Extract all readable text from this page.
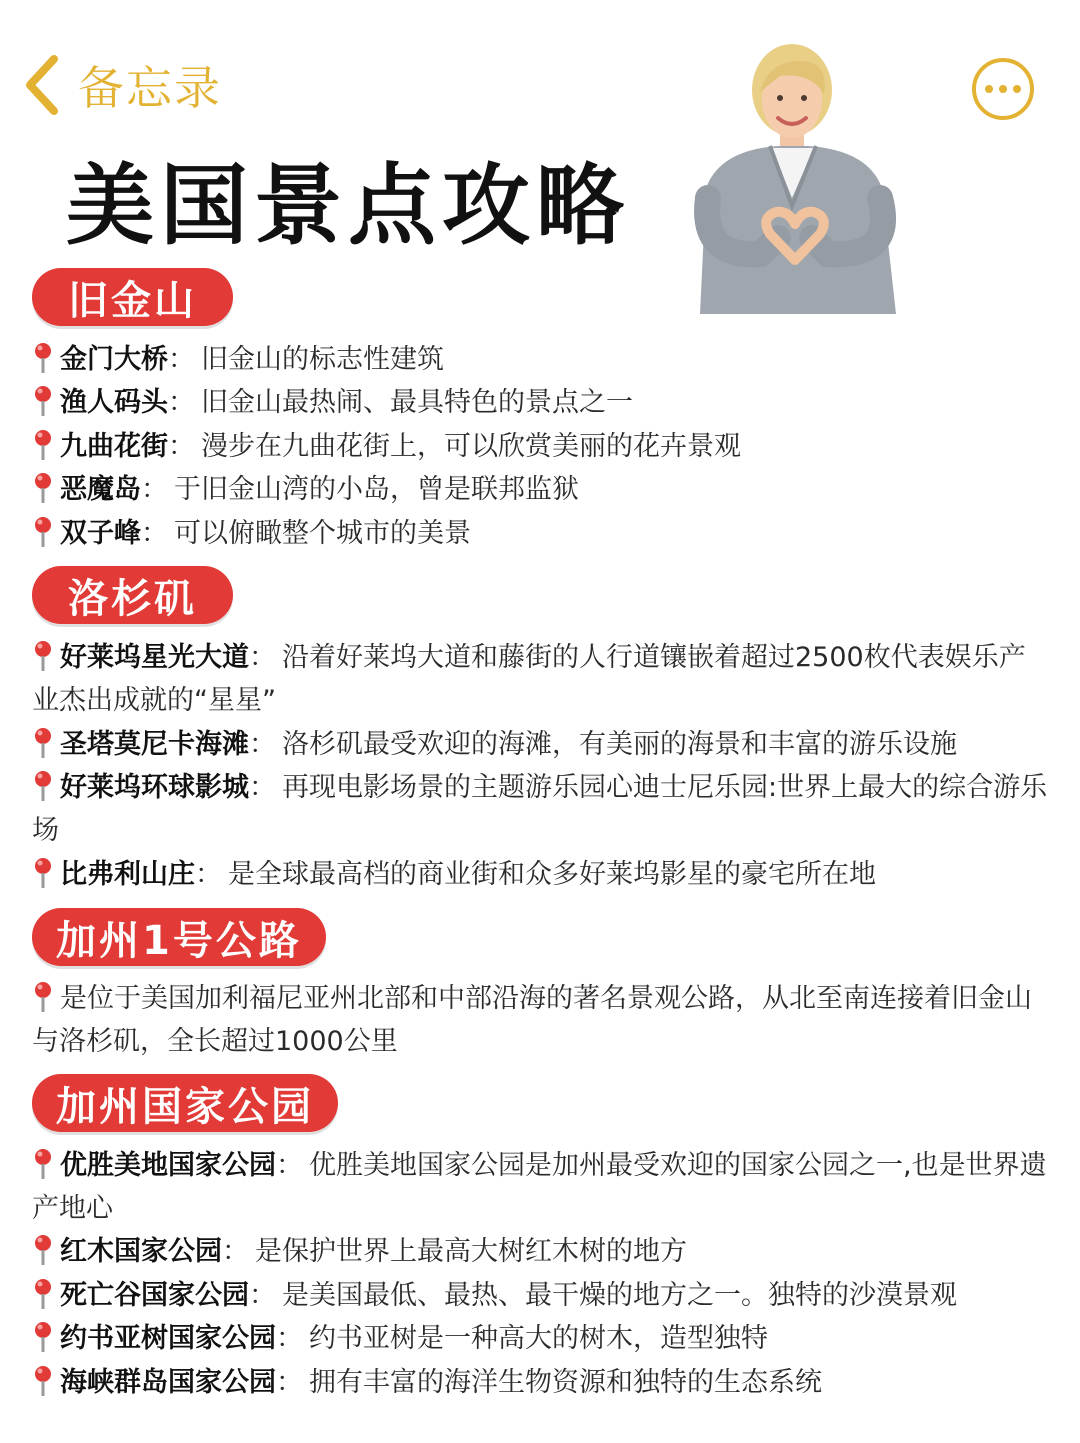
备忘录
美国景点攻略
旧金山
金门大桥： 旧金山的标志性建筑
渔人码头： 旧金山最热闹、最具特色的景点之一
九曲花街： 漫步在九曲花街上，可以欣赏美丽的花卉景观
恶魔岛： 于旧金山湾的小岛，曾是联邦监狱
双子峰： 可以俯瞰整个城市的美景
洛杉矶
好莱坞星光大道： 沿着好莱坞大道和藤街的人行道镶嵌着超过2500枚代表娱乐产业杰出成就的“星星”
圣塔莫尼卡海滩： 洛杉矶最受欢迎的海滩，有美丽的海景和丰富的游乐设施
好莱坞环球影城： 再现电影场景的主题游乐园心迪士尼乐园:世界上最大的综合游乐场
比弗利山庄： 是全球最高档的商业街和众多好莱坞影星的豪宅所在地
加州1号公路
是位于美国加利福尼亚州北部和中部沿海的著名景观公路，从北至南连接着旧金山与洛杉矶，全长超过1000公里
加州国家公园
优胜美地国家公园： 优胜美地国家公园是加州最受欢迎的国家公园之一,也是世界遗产地心
红木国家公园： 是保护世界上最高大树红木树的地方
死亡谷国家公园： 是美国最低、最热、最干燥的地方之一。独特的沙漠景观
约书亚树国家公园： 约书亚树是一种高大的树木，造型独特
海峡群岛国家公园： 拥有丰富的海洋生物资源和独特的生态系统
